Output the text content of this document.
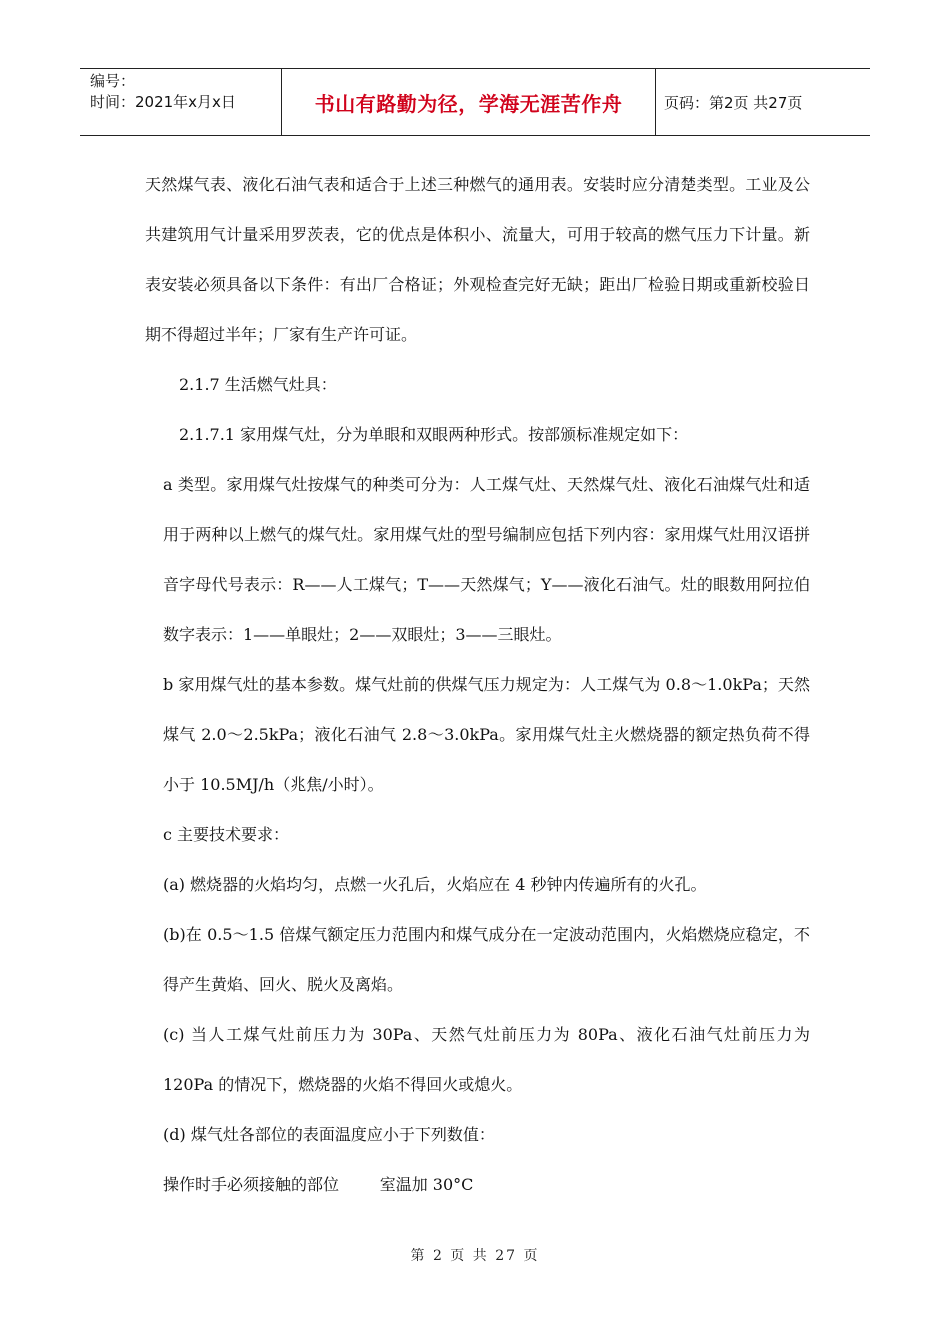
编号：
时间：2021年x月x日	书山有路勤为径，学海无涯苦作舟	页码：第2页 共27页

天然煤气表、液化石油气表和适合于上述三种燃气的通用表。安装时应分清楚类型。工业及公共建筑用气计量采用罗茨表，它的优点是体积小、流量大，可用于较高的燃气压力下计量。新表安装必须具备以下条件：有出厂合格证；外观检查完好无缺；距出厂检验日期或重新校验日期不得超过半年；厂家有生产许可证。

2.1.7 生活燃气灶具：

2.1.7.1 家用煤气灶，分为单眼和双眼两种形式。按部颁标准规定如下：

a 类型。家用煤气灶按煤气的种类可分为：人工煤气灶、天然煤气灶、液化石油煤气灶和适用于两种以上燃气的煤气灶。家用煤气灶的型号编制应包括下列内容：家用煤气灶用汉语拼音字母代号表示：R——人工煤气；T——天然煤气；Y——液化石油气。灶的眼数用阿拉伯数字表示：1——单眼灶；2——双眼灶；3——三眼灶。

b 家用煤气灶的基本参数。煤气灶前的供煤气压力规定为：人工煤气为 0.8～1.0kPa；天然煤气 2.0～2.5kPa；液化石油气 2.8～3.0kPa。家用煤气灶主火燃烧器的额定热负荷不得小于 10.5MJ/h（兆焦/小时）。

c 主要技术要求：

(a) 燃烧器的火焰均匀，点燃一火孔后，火焰应在 4 秒钟内传遍所有的火孔。

(b)在 0.5～1.5 倍煤气额定压力范围内和煤气成分在一定波动范围内，火焰燃烧应稳定，不得产生黄焰、回火、脱火及离焰。

(c) 当人工煤气灶前压力为 30Pa、天然气灶前压力为 80Pa、液化石油气灶前压力为 120Pa 的情况下，燃烧器的火焰不得回火或熄火。

(d) 煤气灶各部位的表面温度应小于下列数值：

操作时手必须接触的部位        室温加 30°C

第 2 页 共 27 页
